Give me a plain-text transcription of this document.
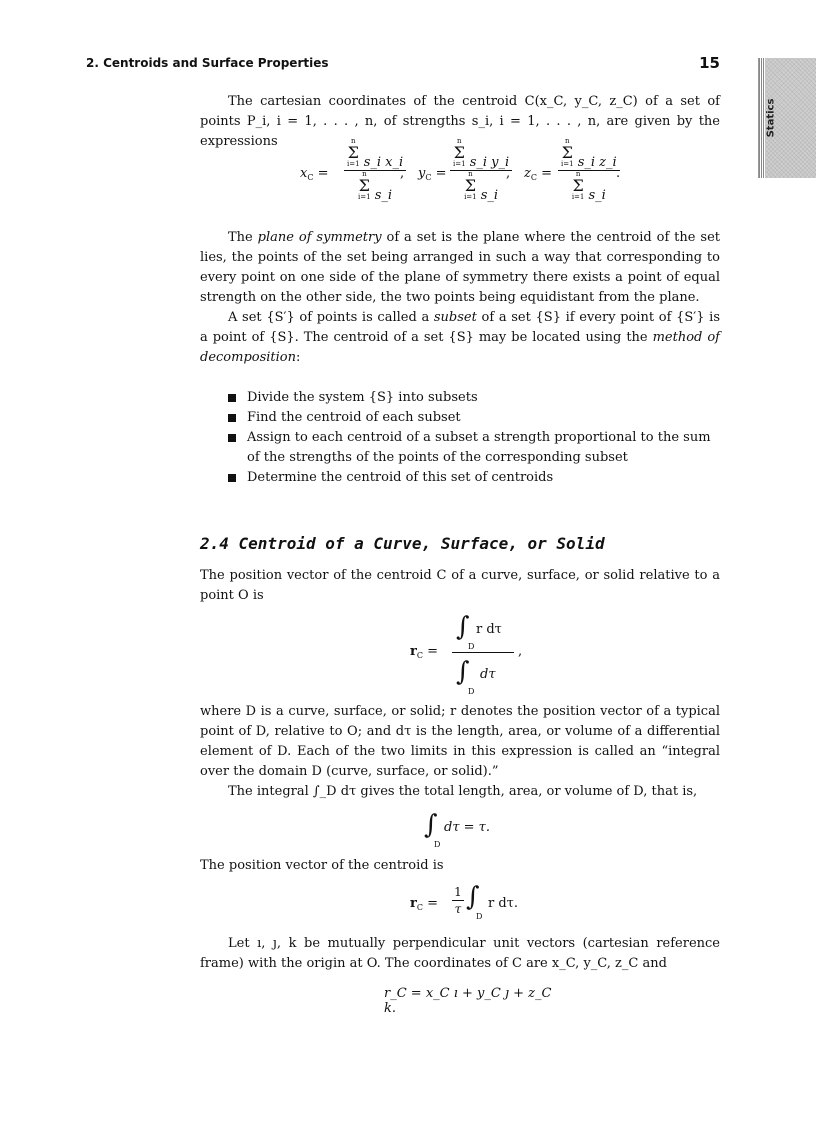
2. Centroids and Surface Properties	15
Statics
The cartesian coordinates of the centroid C(x_C, y_C, z_C) of a set of points P_i, i = 1, . . . , n, of strengths s_i, i = 1, . . . , n, are given by the expressions
$x_C$ =
n
Σ
i=1 s_i x_i
n
Σ
i=1 s_i
, $y_C$ =
n
Σ
i=1 s_i y_i
n
Σ
i=1 s_i
, $z_C$ =
n
Σ
i=1 s_i z_i
n
Σ
i=1 s_i
.
The plane of symmetry of a set is the plane where the centroid of the set lies, the points of the set being arranged in such a way that corresponding to every point on one side of the plane of symmetry there exists a point of equal strength on the other side, the two points being equidistant from the plane.
A set {S′} of points is called a subset of a set {S} if every point of {S′} is a point of {S}. The centroid of a set {S} may be located using the method of decomposition:
Divide the system {S} into subsets
Find the centroid of each subset
Assign to each centroid of a subset a strength proportional to the sum of the strengths of the points of the corresponding subset
Determine the centroid of this set of centroids
2.4 Centroid of a Curve, Surface, or Solid
The position vector of the centroid C of a curve, surface, or solid relative to a point O is
$r_C$ =
∫
D
r dτ
∫
D
dτ
,
where D is a curve, surface, or solid; r denotes the position vector of a typical point of D, relative to O; and dτ is the length, area, or volume of a differential element of D. Each of the two limits in this expression is called an “integral over the domain D (curve, surface, or solid).”
The integral ∫_D dτ gives the total length, area, or volume of D, that is,
∫
D
dτ = τ.
The position vector of the centroid is
$r_C = \frac{1}{\tau}$ ∫
D
r dτ.
Let ı, ȷ, k be mutually perpendicular unit vectors (cartesian reference frame) with the origin at O. The coordinates of C are x_C, y_C, z_C and
r_C = x_C ı + y_C ȷ + z_C k.
